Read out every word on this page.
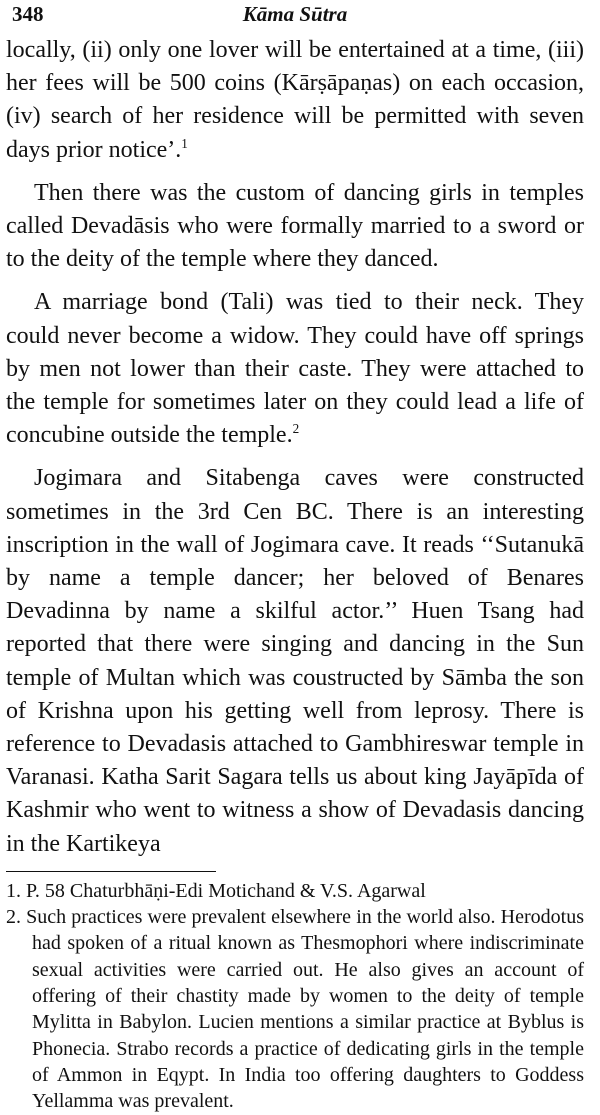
348	Kāma Sūtra

locally, (ii) only one lover will be entertained at a time, (iii) her fees will be 500 coins (Kārṣāpaṇas) on each occasion, (iv) search of her residence will be permitted with seven days prior notice’.$^1$

Then there was the custom of dancing girls in temples called Devadāsis who were formally married to a sword or to the deity of the temple where they danced.

A marriage bond (Tali) was tied to their neck. They could never become a widow. They could have off springs by men not lower than their caste. They were attached to the temple for sometimes later on they could lead a life of concubine outside the temple.$^2$

Jogimara and Sitabenga caves were constructed sometimes in the 3rd Cen BC. There is an interesting inscription in the wall of Jogimara cave. It reads ‘‘Sutanukā by name a temple dancer; her beloved of Benares Devadinna by name a skilful actor.’’ Huen Tsang had reported that there were singing and dancing in the Sun temple of Multan which was coustructed by Sāmba the son of Krishna upon his getting well from leprosy. There is reference to Devadasis attached to Gambhireswar temple in Varanasi. Katha Sarit Sagara tells us about king Jayāpīda of Kashmir who went to witness a show of Devadasis dancing in the Kartikeya

1. P. 58 Chaturbhāṇi-Edi Motichand & V.S. Agarwal

2. Such practices were prevalent elsewhere in the world also. Herodotus had spoken of a ritual known as Thesmophori where indiscriminate sexual activities were carried out. He also gives an account of offering of their chastity made by women to the deity of temple Mylitta in Babylon. Lucien mentions a similar practice at Byblus is Phonecia. Strabo records a practice of dedicating girls in the temple of Ammon in Eqypt. In India too offering daughters to Goddess Yellamma was prevalent.
